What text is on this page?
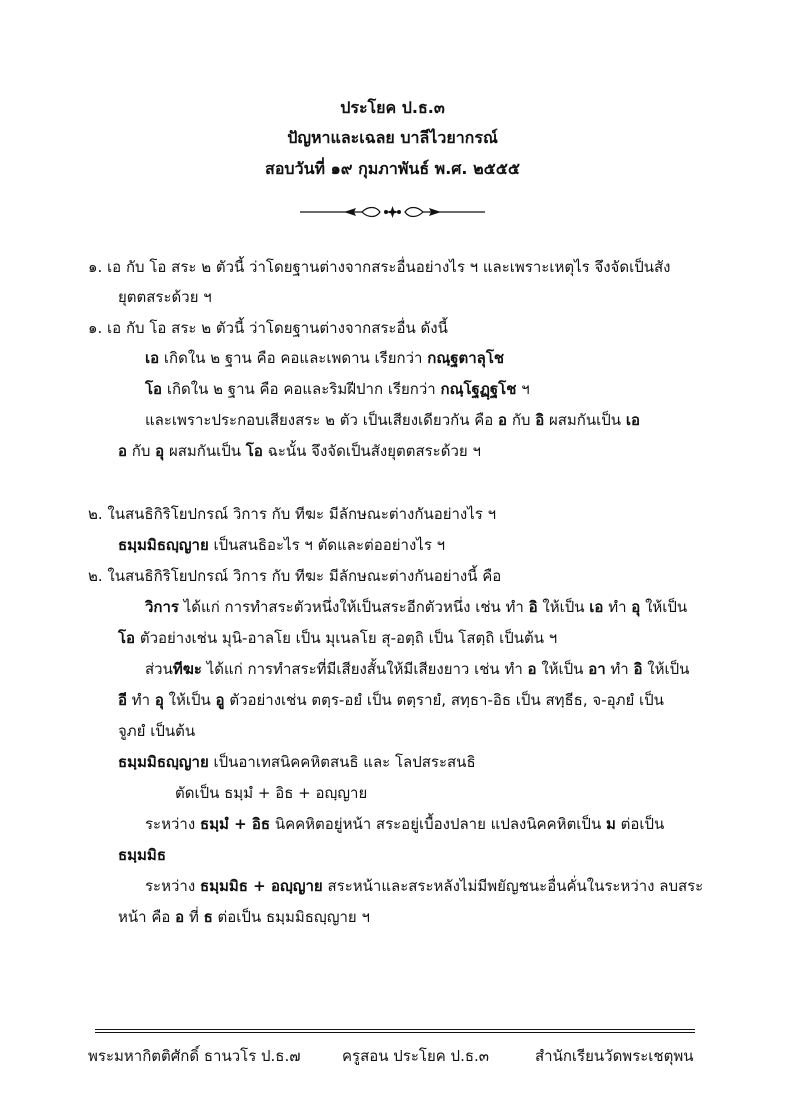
ประโยค ป.ธ.๓
ปัญหาและเฉลย บาลีไวยากรณ์
สอบวันที่ ๑๙ กุมภาพันธ์ พ.ศ. ๒๕๕๕
๑. เอ กับ โอ สระ ๒ ตัวนี้ ว่าโดยฐานต่างจากสระอื่นอย่างไร ฯ และเพราะเหตุไร จึงจัดเป็นสัง
ยุตตสระด้วย ฯ
๑. เอ กับ โอ สระ ๒ ตัวนี้ ว่าโดยฐานต่างจากสระอื่น ดังนี้
เอ เกิดใน ๒ ฐาน คือ คอและเพดาน เรียกว่า กณฺฐตาลุโช
โอ เกิดใน ๒ ฐาน คือ คอและริมฝีปาก เรียกว่า กณฺโฐฏฺฐโช ฯ
และเพราะประกอบเสียงสระ ๒ ตัว เป็นเสียงเดียวกัน คือ อ กับ อิ ผสมกันเป็น เอ
อ กับ อุ ผสมกันเป็น โอ ฉะนั้น จึงจัดเป็นสังยุตตสระด้วย ฯ
๒. ในสนธิกิริโยปกรณ์ วิการ กับ ทีฆะ มีลักษณะต่างกันอย่างไร ฯ
ธมฺมมิธญฺญาย เป็นสนธิอะไร ฯ ตัดและต่ออย่างไร ฯ
๒. ในสนธิกิริโยปกรณ์ วิการ กับ ทีฆะ มีลักษณะต่างกันอย่างนี้ คือ
วิการ ได้แก่ การทำสระตัวหนึ่งให้เป็นสระอีกตัวหนึ่ง เช่น ทำ อิ ให้เป็น เอ ทำ อุ ให้เป็น
โอ ตัวอย่างเช่น มุนิ-อาลโย เป็น มุเนลโย สุ-อตฺถิ เป็น โสตฺถิ เป็นต้น ฯ
ส่วนทีฆะ ได้แก่ การทำสระที่มีเสียงสั้นให้มีเสียงยาว เช่น ทำ อ ให้เป็น อา ทำ อิ ให้เป็น
อี ทำ อุ ให้เป็น อู ตัวอย่างเช่น ตตฺร-อยํ เป็น ตตฺรายํ, สทฺธา-อิธ เป็น สทฺธีธ, จ-อุภยํ เป็น
จูภยํ เป็นต้น
ธมฺมมิธญฺญาย เป็นอาเทสนิคคหิตสนธิ และ โลปสระสนธิ
ตัดเป็น ธมฺมํ + อิธ + อญฺญาย
ระหว่าง ธมฺมํ + อิธ นิคคหิตอยู่หน้า สระอยู่เบื้องปลาย แปลงนิคคหิตเป็น ม ต่อเป็น
ธมฺมมิธ
ระหว่าง ธมฺมมิธ + อญฺญาย สระหน้าและสระหลังไม่มีพยัญชนะอื่นคั่นในระหว่าง ลบสระ
หน้า คือ อ ที่ ธ ต่อเป็น ธมฺมมิธญฺญาย ฯ
พระมหากิตติศักดิ์ ธานวโร ป.ธ.๗	ครูสอน ประโยค ป.ธ.๓	สำนักเรียนวัดพระเชตุพน
